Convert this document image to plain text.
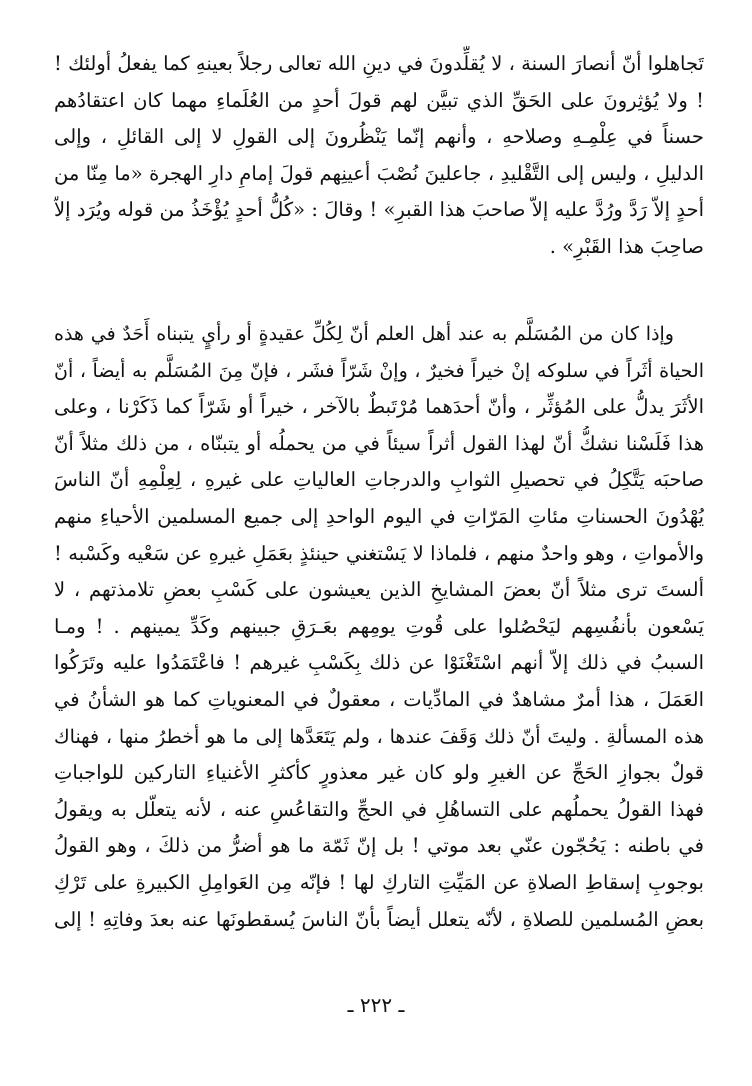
تَجاهلوا أنّ أنصارَ السنة ، لا يُقلِّدونَ في دينِ الله تعالى رجلاً بعينهِ كما يفعلُ أولئك !
! ولا يُؤثِرونَ على الحَقِّ الذي تبيَّن لهم قولَ أحدٍ من العُلَماءِ مهما كان اعتقادُهم
حسناً في عِلْمِـهِ وصلاحهِ ، وأنهم إنّما يَنْظُرونَ إلى القولِ لا إلى القائلِ ، وإلى
الدليلِ ، وليس إلى التَّقْليدِ ، جاعلينَ نُصْبَ أعينِهم قولَ إمامِ دارِ الهجرة «ما مِنّا من
أحدٍ إلاّ رَدَّ ورُدَّ عليه إلاّ صاحبَ هذا القبرِ» ! وقالَ : «كُلُّ أحدٍ يُؤْخَذُ من قوله ويُرَد إلاّ
صاحِبَ هذا القَبْرِ» .
وإذا كان من المُسَلَّم به عند أهل العلم أنّ لِكُلِّ عقيدةٍ أو رأيٍ يتبناه أَحَدٌ في هذه
الحياة أثَراً في سلوكه إنْ خيراً فخيرٌ ، وإنْ شَرّاً فشَر ، فإنّ مِنَ المُسَلَّم به أيضاً ، أنّ
الأثَرَ يدلُّ على المُؤثِّر ، وأنّ أحدَهما مُرْتَبطٌ بالآخر ، خيراً أو شَرّاً كما ذَكَرْنا ، وعلى
هذا فَلَسْنا نشكُّ أنّ لهذا القول أثراً سيئاً في من يحملُه أو يتبنّاه ، من ذلك مثلاً أنّ
صاحبَه يَتَّكِلُ في تحصيلِ الثوابِ والدرجاتِ العالياتِ على غيرهِ ، لِعِلْمِهِ أنّ الناسَ
يُهْدُونَ الحسناتِ مئاتِ المَرّاتِ في اليوم الواحدِ إلى جميع المسلمين الأحياءِ منهم
والأمواتِ ، وهو واحدٌ منهم ، فلماذا لا يَسْتغني حينئذٍ بعَمَلِ غيرهِ عن سَعْيه وكَسْبه !
ألستَ ترى مثلاً أنّ بعضَ المشايخِ الذين يعيشون على كَسْبِ بعضِ تلامذتهم ، لا
يَسْعون بأنفُسِهم ليَحْصُلوا على قُوتِ يومِهم بعَـرَقِ جبينهم وكَدِّ يمينهم . ! ومـا
السببُ في ذلك إلاّ أنهم اسْتَغْنَوْا عن ذلك بِكَسْبِ غيرهم ! فاعْتَمَدُوا عليه وتَرَكُوا
العَمَلَ ، هذا أمرٌ مشاهدٌ في المادِّيات ، معقولٌ في المعنوياتِ كما هو الشأنُ في
هذه المسألةِ . وليتَ أنّ ذلك وَقَفَ عندها ، ولم يَتَعَدَّها إلى ما هو أخطرُ منها ، فهناك
قولٌ بجوازِ الحَجِّ عن الغيرِ ولو كان غير معذورٍ كأكثرِ الأغنياءِ التاركين للواجباتِ
فهذا القولُ يحملُهم على التساهُلِ في الحجِّ والتقاعُسِ عنه ، لأنه يتعلّل به ويقولُ
في باطنه : يَحُجّون عنّي بعد موتي ! بل إنّ ثَمّة ما هو أضرُّ من ذلكَ ، وهو القولُ
بوجوبِ إسقاطِ الصلاةِ عن المَيِّتِ التاركِ لها ! فإنّه مِن العَوامِلِ الكبيرةِ على تَرْكِ
بعضِ المُسلمين للصلاةِ ، لأنّه يتعلل أيضاً بأنّ الناسَ يُسقطونَها عنه بعدَ وفاتِهِ ! إلى
ـ ٢٢٢ ـ
